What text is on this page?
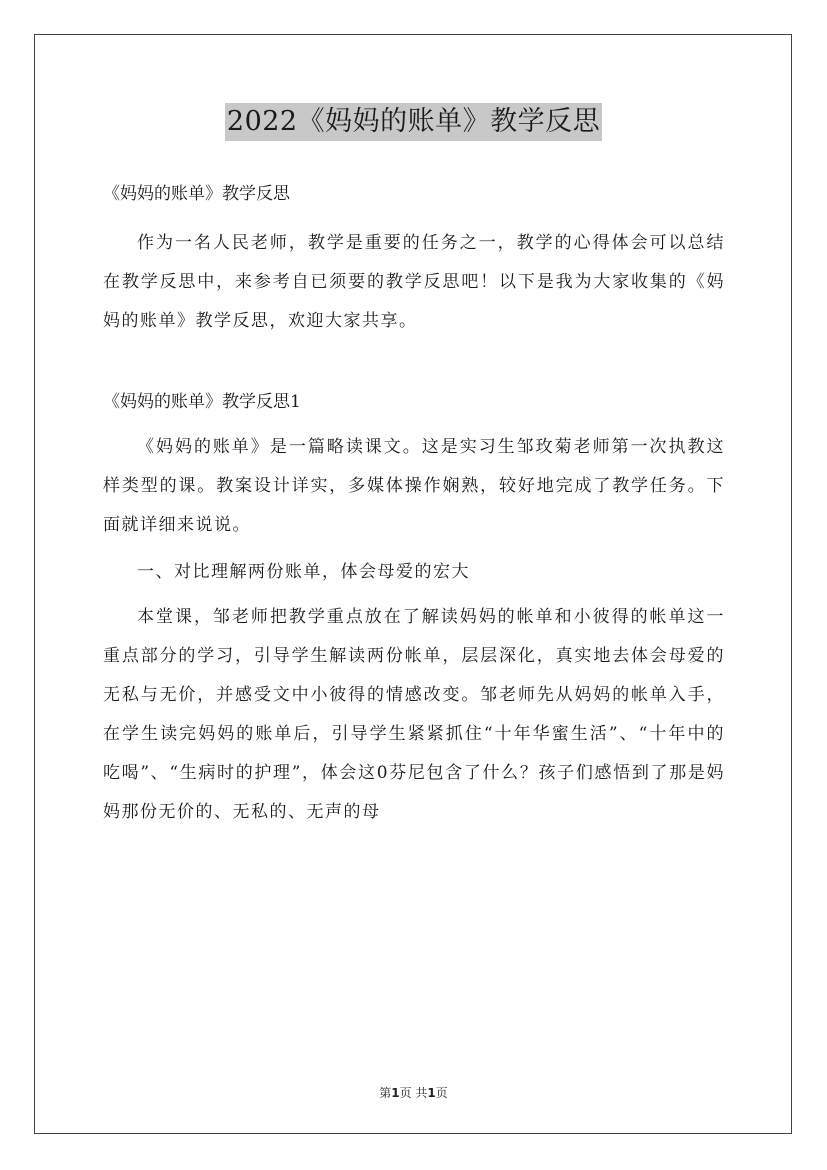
2022《妈妈的账单》教学反思

《妈妈的账单》教学反思

作为一名人民老师，教学是重要的任务之一，教学的心得体会可以总结在教学反思中，来参考自已须要的教学反思吧！以下是我为大家收集的《妈妈的账单》教学反思，欢迎大家共享。

《妈妈的账单》教学反思1

《妈妈的账单》是一篇略读课文。这是实习生邹玫菊老师第一次执教这样类型的课。教案设计详实，多媒体操作娴熟，较好地完成了教学任务。下面就详细来说说。

一、对比理解两份账单，体会母爱的宏大

本堂课，邹老师把教学重点放在了解读妈妈的帐单和小彼得的帐单这一重点部分的学习，引导学生解读两份帐单，层层深化，真实地去体会母爱的无私与无价，并感受文中小彼得的情感改变。邹老师先从妈妈的帐单入手，在学生读完妈妈的账单后，引导学生紧紧抓住“十年华蜜生活”、“十年中的吃喝”、“生病时的护理”，体会这0芬尼包含了什么？孩子们感悟到了那是妈妈那份无价的、无私的、无声的母

第1页 共1页
